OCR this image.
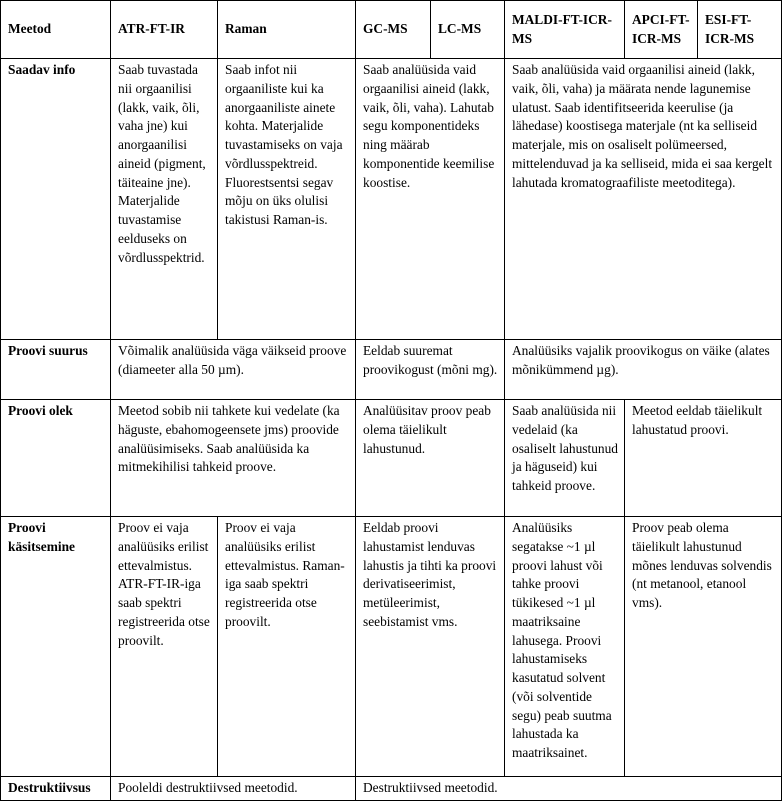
Meetod	ATR-FT-IR	Raman	GC-MS	LC-MS	MALDI-FT-ICR-MS	APCI-FT-ICR-MS	ESI-FT-ICR-MS
Saadav info	Saab tuvastada nii orgaanilisi (lakk, vaik, õli, vaha jne) kui anorgaanilisi aineid (pigment, täiteaine jne). Materjalide tuvastamise eelduseks on võrdlusspektrid.	Saab infot nii orgaaniliste kui ka anorgaaniliste ainete kohta. Materjalide tuvastamiseks on vaja võrdlusspektreid. Fluorestsentsi segav mõju on üks olulisi takistusi Raman-is.	Saab analüüsida vaid orgaanilisi aineid (lakk, vaik, õli, vaha). Lahutab segu komponentideks ning määrab komponentide keemilise koostise.		Saab analüüsida vaid orgaanilisi aineid (lakk, vaik, õli, vaha) ja määrata nende lagunemise ulatust. Saab identifitseerida keerulise (ja lähedase) koostisega materjale (nt ka selliseid materjale, mis on osaliselt polümeersed, mittelenduvad ja ka selliseid, mida ei saa kergelt lahutada kromatograafiliste meetoditega).		
Proovi suurus	Võimalik analüüsida väga väikseid proove (diameeter alla 50 µm).		Eeldab suuremat proovikogust (mõni mg).		Analüüsiks vajalik proovikogus on väike (alates mõnikümmend µg).		
Proovi olek	Meetod sobib nii tahkete kui vedelate (ka häguste, ebahomogeensete jms) proovide analüüsimiseks. Saab analüüsida ka mitmekihilisi tahkeid proove.		Analüüsitav proov peab olema täielikult lahustunud.		Saab analüüsida nii vedelaid (ka osaliselt lahustunud ja häguseid) kui tahkeid proove.	Meetod eeldab täielikult lahustatud proovi.	
Proovi käsitsemine	Proov ei vaja analüüsiks erilist ettevalmistus. ATR-FT-IR-iga saab spektri registreerida otse proovilt.	Proov ei vaja analüüsiks erilist ettevalmistus. Raman-iga saab spektri registreerida otse proovilt.	Eeldab proovi lahustamist lenduvas lahustis ja tihti ka proovi derivatiseerimist, metüleerimist, seebistamist vms.		Analüüsiks segatakse ~1 µl proovi lahust või tahke proovi tükikesed ~1 µl maatriksaine lahusega. Proovi lahustamiseks kasutatud solvent (või solventide segu) peab suutma lahustada ka maatriksainet.	Proov peab olema täielikult lahustunud mõnes lenduvas solvendis (nt metanool, etanool vms).	
Destruktiivsus	Pooleldi destruktiivsed meetodid.		Destruktiivsed meetodid.				
